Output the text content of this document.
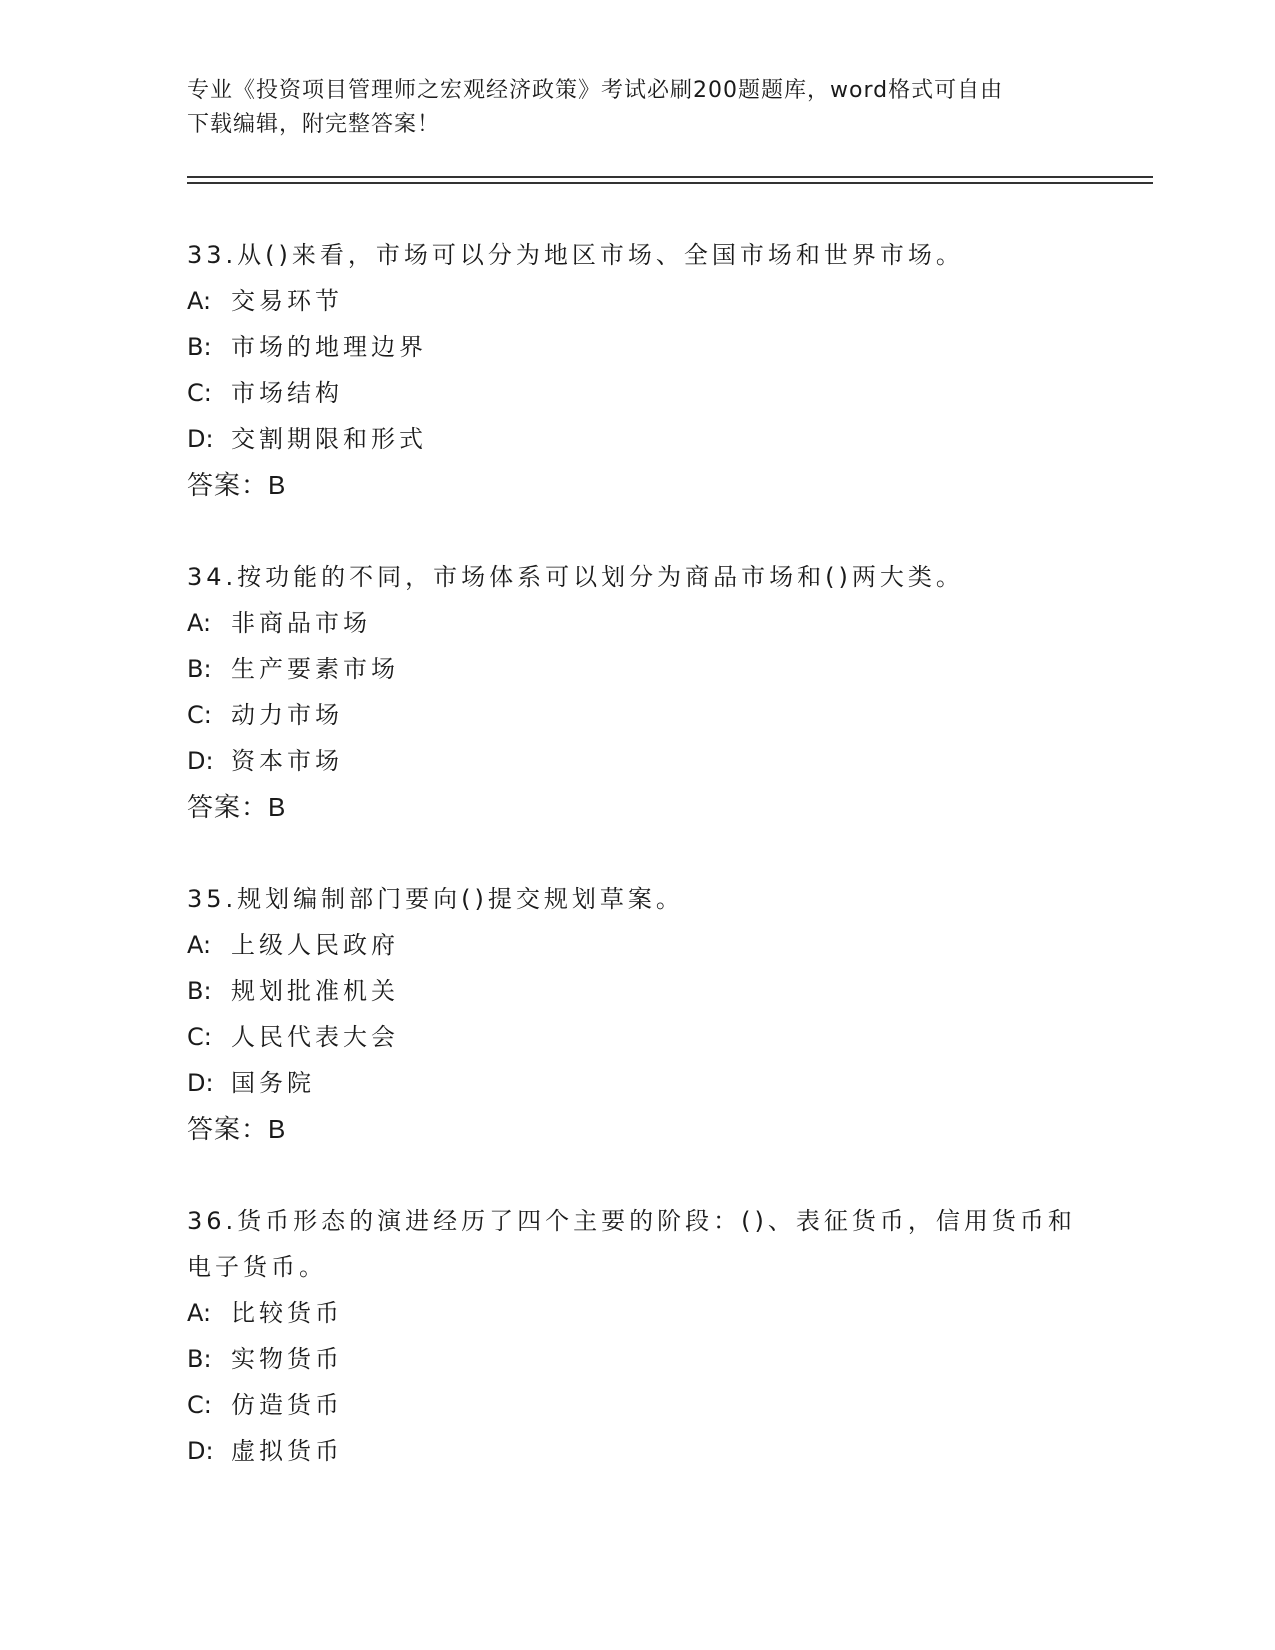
专业《投资项目管理师之宏观经济政策》考试必刷200题题库，word格式可自由
下载编辑，附完整答案！

33.从()来看，市场可以分为地区市场、全国市场和世界市场。

A: 交易环节
B: 市场的地理边界
C: 市场结构
D: 交割期限和形式
答案：B

34.按功能的不同，市场体系可以划分为商品市场和()两大类。

A: 非商品市场
B: 生产要素市场
C: 动力市场
D: 资本市场
答案：B

35.规划编制部门要向()提交规划草案。

A: 上级人民政府
B: 规划批准机关
C: 人民代表大会
D: 国务院
答案：B

36.货币形态的演进经历了四个主要的阶段：()、表征货币，信用货币和电子货币。

A: 比较货币
B: 实物货币
C: 仿造货币
D: 虚拟货币
